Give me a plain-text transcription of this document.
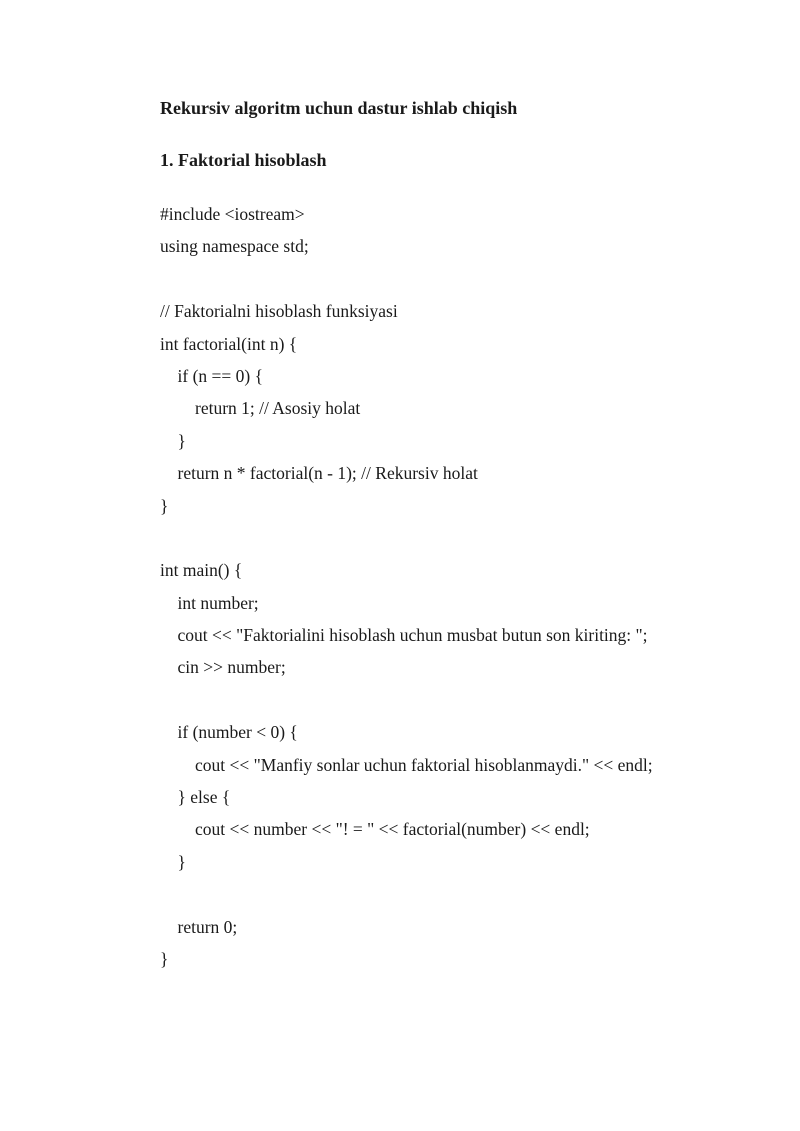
Rekursiv algoritm uchun dastur ishlab chiqish
1. Faktorial hisoblash
#include <iostream>
using namespace std;
// Faktorialni hisoblash funksiyasi
int factorial(int n) {
if (n == 0) {
return 1; // Asosiy holat
}
return n * factorial(n - 1); // Rekursiv holat
}
int main() {
int number;
cout << "Faktorialini hisoblash uchun musbat butun son kiriting: ";
cin >> number;
if (number < 0) {
cout << "Manfiy sonlar uchun faktorial hisoblanmaydi." << endl;
} else {
cout << number << "! = " << factorial(number) << endl;
}
return 0;
}
